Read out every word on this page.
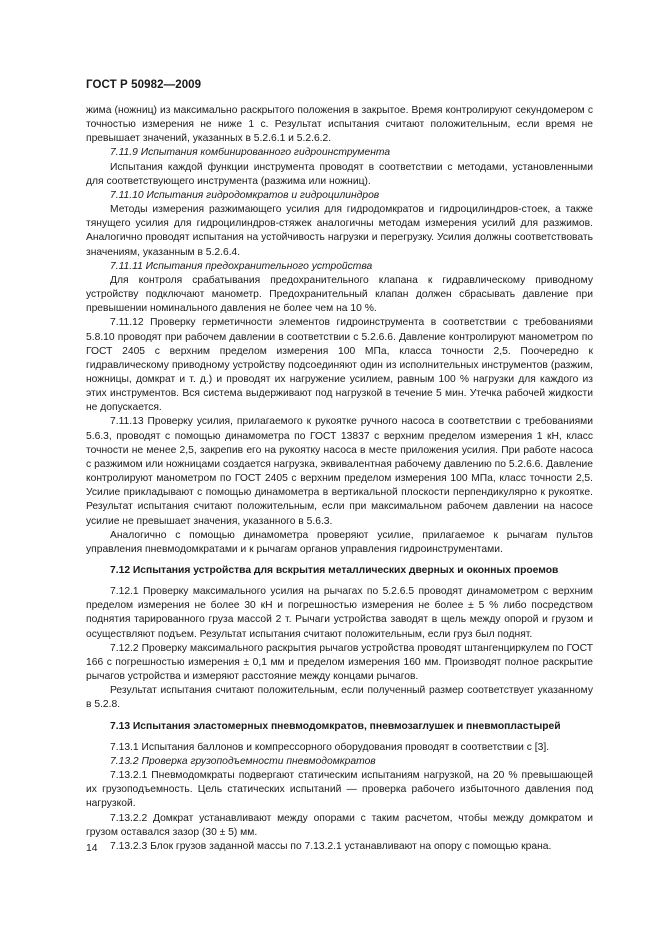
ГОСТ Р 50982—2009

жима (ножниц) из максимально раскрытого положения в закрытое. Время контролируют секундомером с точностью измерения не ниже 1 с. Результат испытания считают положительным, если время не превышает значений, указанных в 5.2.6.1 и 5.2.6.2.

7.11.9 Испытания комбинированного гидроинструмента

Испытания каждой функции инструмента проводят в соответствии с методами, установленными для соответствующего инструмента (разжима или ножниц).

7.11.10 Испытания гидродомкратов и гидроцилиндров

Методы измерения разжимающего усилия для гидродомкратов и гидроцилиндров-стоек, а также тянущего усилия для гидроцилиндров-стяжек аналогичны методам измерения усилий для разжимов. Аналогично проводят испытания на устойчивость нагрузки и перегрузку. Усилия должны соответствовать значениям, указанным в 5.2.6.4.

7.11.11 Испытания предохранительного устройства

Для контроля срабатывания предохранительного клапана к гидравлическому приводному устройству подключают манометр. Предохранительный клапан должен сбрасывать давление при превышении номинального давления не более чем на 10 %.

7.11.12 Проверку герметичности элементов гидроинструмента в соответствии с требованиями 5.8.10 проводят при рабочем давлении в соответствии с 5.2.6.6. Давление контролируют манометром по ГОСТ 2405 с верхним пределом измерения 100 МПа, класса точности 2,5. Поочередно к гидравлическому приводному устройству подсоединяют один из исполнительных инструментов (разжим, ножницы, домкрат и т. д.) и проводят их нагружение усилием, равным 100 % нагрузки для каждого из этих инструментов. Вся система выдерживают под нагрузкой в течение 5 мин. Утечка рабочей жидкости не допускается.

7.11.13 Проверку усилия, прилагаемого к рукоятке ручного насоса в соответствии с требованиями 5.6.3, проводят с помощью динамометра по ГОСТ 13837 с верхним пределом измерения 1 кН, класс точности не менее 2,5, закрепив его на рукоятку насоса в месте приложения усилия. При работе насоса с разжимом или ножницами создается нагрузка, эквивалентная рабочему давлению по 5.2.6.6. Давление контролируют манометром по ГОСТ 2405 с верхним пределом измерения 100 МПа, класс точности 2,5. Усилие прикладывают с помощью динамометра в вертикальной плоскости перпендикулярно к рукоятке. Результат испытания считают положительным, если при максимальном рабочем давлении на насосе усилие не превышает значения, указанного в 5.6.3.

Аналогично с помощью динамометра проверяют усилие, прилагаемое к рычагам пультов управления пневмодомкратами и к рычагам органов управления гидроинструментами.

7.12 Испытания устройства для вскрытия металлических дверных и оконных проемов

7.12.1 Проверку максимального усилия на рычагах по 5.2.6.5 проводят динамометром с верхним пределом измерения не более 30 кН и погрешностью измерения не более ± 5 % либо посредством поднятия тарированного груза массой 2 т. Рычаги устройства заводят в щель между опорой и грузом и осуществляют подъем. Результат испытания считают положительным, если груз был поднят.

7.12.2 Проверку максимального раскрытия рычагов устройства проводят штангенциркулем по ГОСТ 166 с погрешностью измерения ± 0,1 мм и пределом измерения 160 мм. Производят полное раскрытие рычагов устройства и измеряют расстояние между концами рычагов.

Результат испытания считают положительным, если полученный размер соответствует указанному в 5.2.8.

7.13 Испытания эластомерных пневмодомкратов, пневмозаглушек и пневмопластырей

7.13.1 Испытания баллонов и компрессорного оборудования проводят в соответствии с [3].

7.13.2 Проверка грузоподъемности пневмодомкратов

7.13.2.1 Пневмодомкраты подвергают статическим испытаниям нагрузкой, на 20 % превышающей их грузоподъемность. Цель статических испытаний — проверка рабочего избыточного давления под нагрузкой.

7.13.2.2 Домкрат устанавливают между опорами с таким расчетом, чтобы между домкратом и грузом оставался зазор (30 ± 5) мм.

7.13.2.3 Блок грузов заданной массы по 7.13.2.1 устанавливают на опору с помощью крана.

14
